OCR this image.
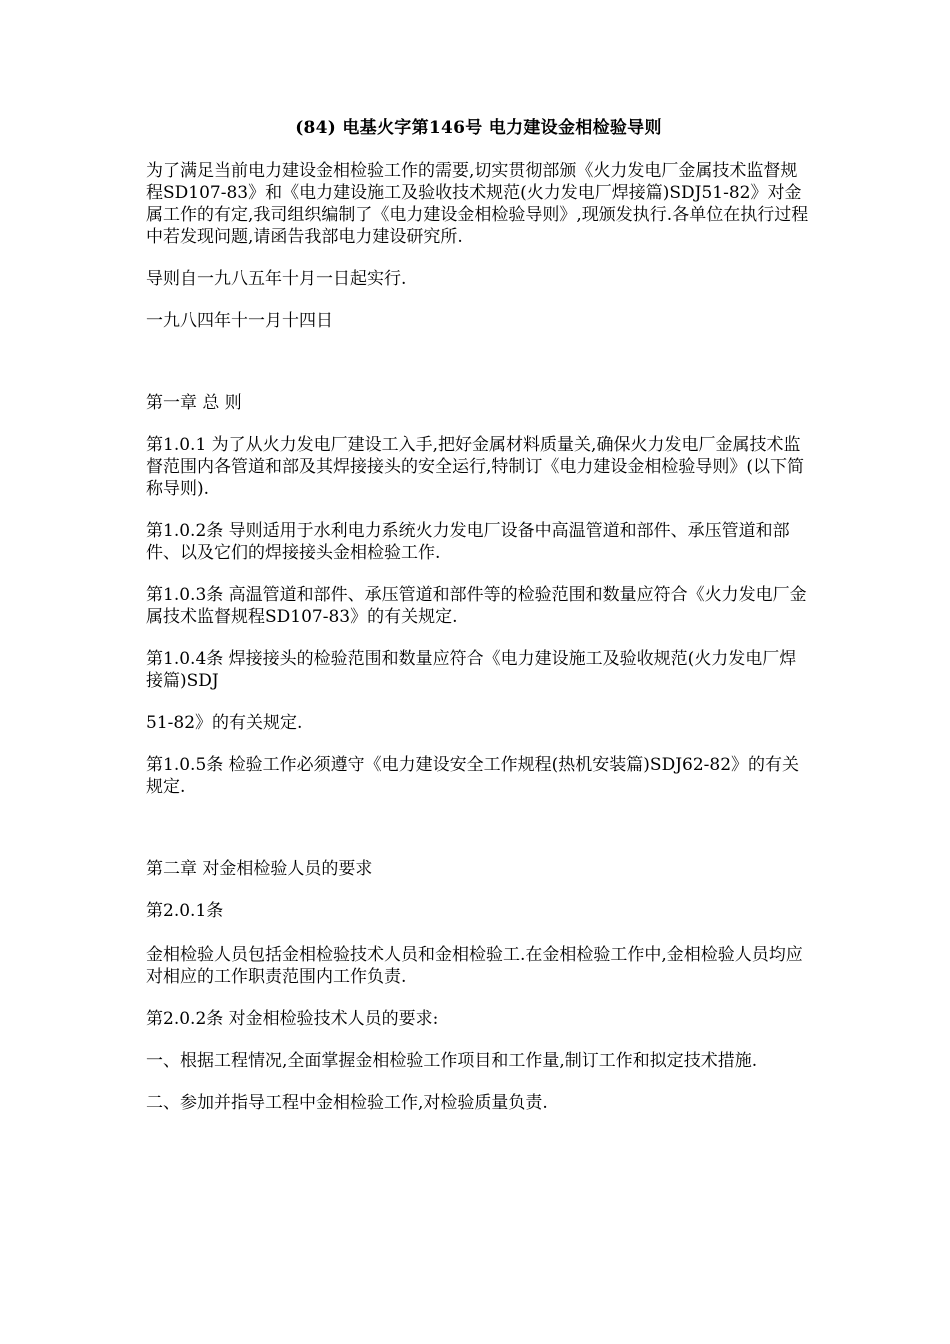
(84) 电基火字第146号 电力建设金相检验导则

为了满足当前电力建设金相检验工作的需要,切实贯彻部颁《火力发电厂金属技术监督规程SD107-83》和《电力建设施工及验收技术规范(火力发电厂焊接篇)SDJ51-82》对金属工作的有定,我司组织编制了《电力建设金相检验导则》,现颁发执行.各单位在执行过程中若发现问题,请函告我部电力建设研究所.

导则自一九八五年十月一日起实行.

一九八四年十一月十四日

第一章 总 则

第1.0.1 为了从火力发电厂建设工入手,把好金属材料质量关,确保火力发电厂金属技术监督范围内各管道和部及其焊接接头的安全运行,特制订《电力建设金相检验导则》(以下简称导则).

第1.0.2条 导则适用于水利电力系统火力发电厂设备中高温管道和部件、承压管道和部件、以及它们的焊接接头金相检验工作.

第1.0.3条 高温管道和部件、承压管道和部件等的检验范围和数量应符合《火力发电厂金属技术监督规程SD107-83》的有关规定.

第1.0.4条 焊接接头的检验范围和数量应符合《电力建设施工及验收规范(火力发电厂焊接篇)SDJ

51-82》的有关规定.

第1.0.5条 检验工作必须遵守《电力建设安全工作规程(热机安装篇)SDJ62-82》的有关规定.

第二章 对金相检验人员的要求

第2.0.1条

金相检验人员包括金相检验技术人员和金相检验工.在金相检验工作中,金相检验人员均应对相应的工作职责范围内工作负责.

第2.0.2条 对金相检验技术人员的要求:

一、根据工程情况,全面掌握金相检验工作项目和工作量,制订工作和拟定技术措施.

二、参加并指导工程中金相检验工作,对检验质量负责.
